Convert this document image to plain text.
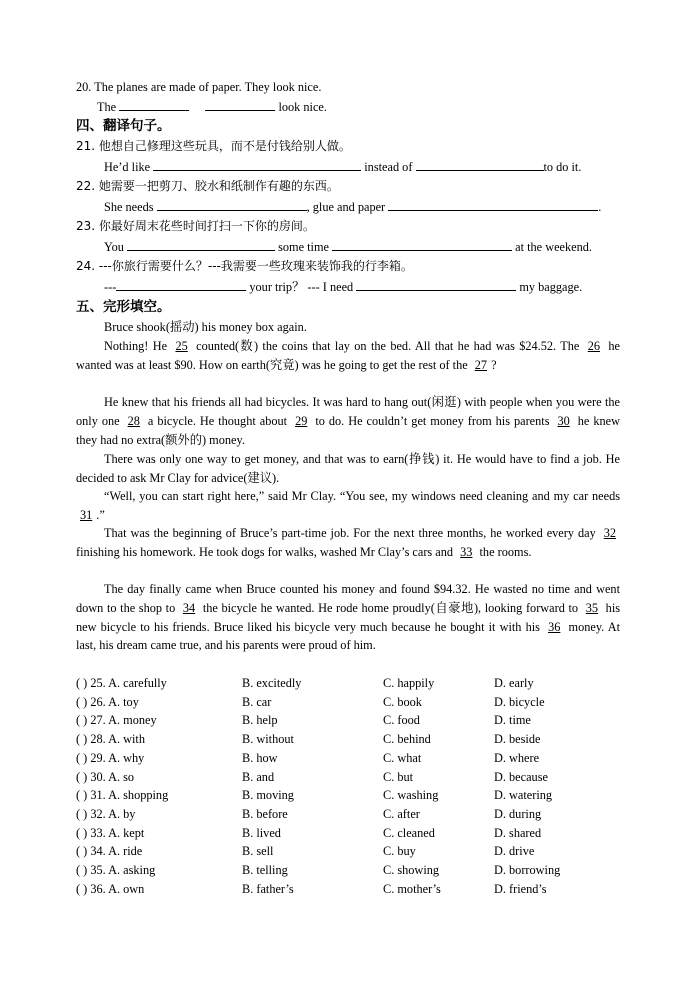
20. The planes are made of paper. They look nice.
The	look nice.
四、翻译句子。
21. 他想自己修理这些玩具，而不是付钱给别人做。
He’d like	instead of	to do it.
22. 她需要一把剪刀、胶水和纸制作有趣的东西。
She needs	, glue and paper	.
23. 你最好周末花些时间打扫一下你的房间。
You	some time	at the weekend.
24. ---你旅行需要什么？---我需要一些玫瑰来装饰我的行李箱。
---	your trip？ --- I need	my baggage.
五、完形填空。
Bruce shook(摇动) his money box again.
Nothing! He 25 counted(数) the coins that lay on the bed. All that he had was $24.52. The 26 he wanted was at least $90. How on earth(究竟) was he going to get the rest of the 27 ?
He knew that his friends all had bicycles. It was hard to hang out(闲逛) with people when you were the only one 28 a bicycle. He thought about 29 to do. He couldn’t get money from his parents 30 he knew they had no extra(额外的) money.
There was only one way to get money, and that was to earn(挣钱) it. He would have to find a job. He decided to ask Mr Clay for advice(建议).
“Well, you can start right here,” said Mr Clay. “You see, my windows need cleaning and my car needs 31 .”
That was the beginning of Bruce’s part-time job. For the next three months, he worked every day 32 finishing his homework. He took dogs for walks, washed Mr Clay’s cars and 33 the rooms.
The day finally came when Bruce counted his money and found $94.32. He wasted no time and went down to the shop to 34 the bicycle he wanted. He rode home proudly(自豪地), looking forward to 35 his new bicycle to his friends. Bruce liked his bicycle very much because he bought it with his 36 money. At last, his dream came true, and his parents were proud of him.
( ) 25. A. carefully	B. excitedly	C. happily	D. early
( ) 26. A. toy	B. car	C. book	D. bicycle
( ) 27. A. money	B. help	C. food	D. time
( ) 28. A. with	B. without	C. behind	D. beside
( ) 29. A. why	B. how	C. what	D. where
( ) 30. A. so	B. and	C. but	D. because
( ) 31. A. shopping	B. moving	C. washing	D. watering
( ) 32. A. by	B. before	C. after	D. during
( ) 33. A. kept	B. lived	C. cleaned	D. shared
( ) 34. A. ride	B. sell	C. buy	D. drive
( ) 35. A. asking	B. telling	C. showing	D. borrowing
( ) 36. A. own	B. father’s	C. mother’s	D. friend’s
